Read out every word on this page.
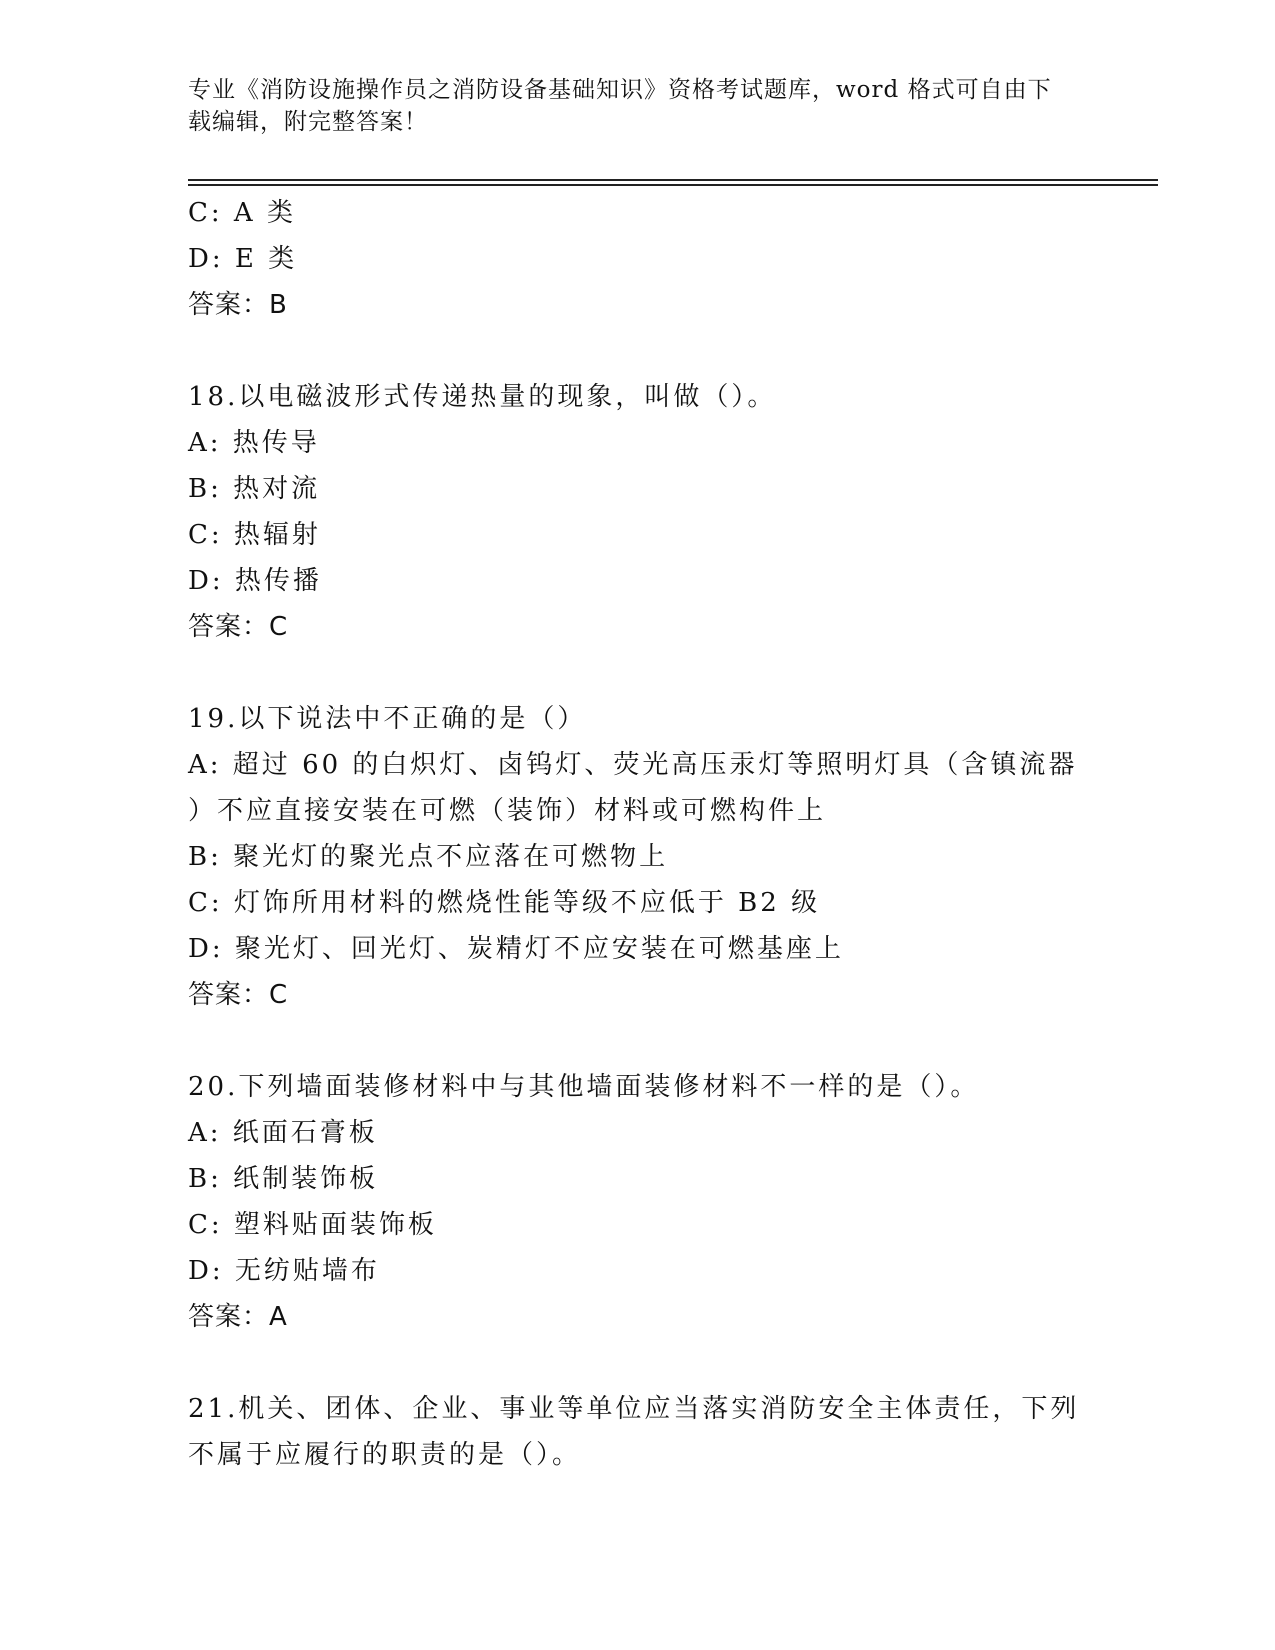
专业《消防设施操作员之消防设备基础知识》资格考试题库，word 格式可自由下
载编辑，附完整答案！
C: A 类
D: E 类
答案：B
18.以电磁波形式传递热量的现象，叫做（）。
A: 热传导
B: 热对流
C: 热辐射
D: 热传播
答案：C
19.以下说法中不正确的是（）
A: 超过 60 的白炽灯、卤钨灯、荧光高压汞灯等照明灯具（含镇流器
）不应直接安装在可燃（装饰）材料或可燃构件上
B: 聚光灯的聚光点不应落在可燃物上
C: 灯饰所用材料的燃烧性能等级不应低于 B2 级
D: 聚光灯、回光灯、炭精灯不应安装在可燃基座上
答案：C
20.下列墙面装修材料中与其他墙面装修材料不一样的是（）。
A: 纸面石膏板
B: 纸制装饰板
C: 塑料贴面装饰板
D: 无纺贴墙布
答案：A
21.机关、团体、企业、事业等单位应当落实消防安全主体责任，下列
不属于应履行的职责的是（）。
